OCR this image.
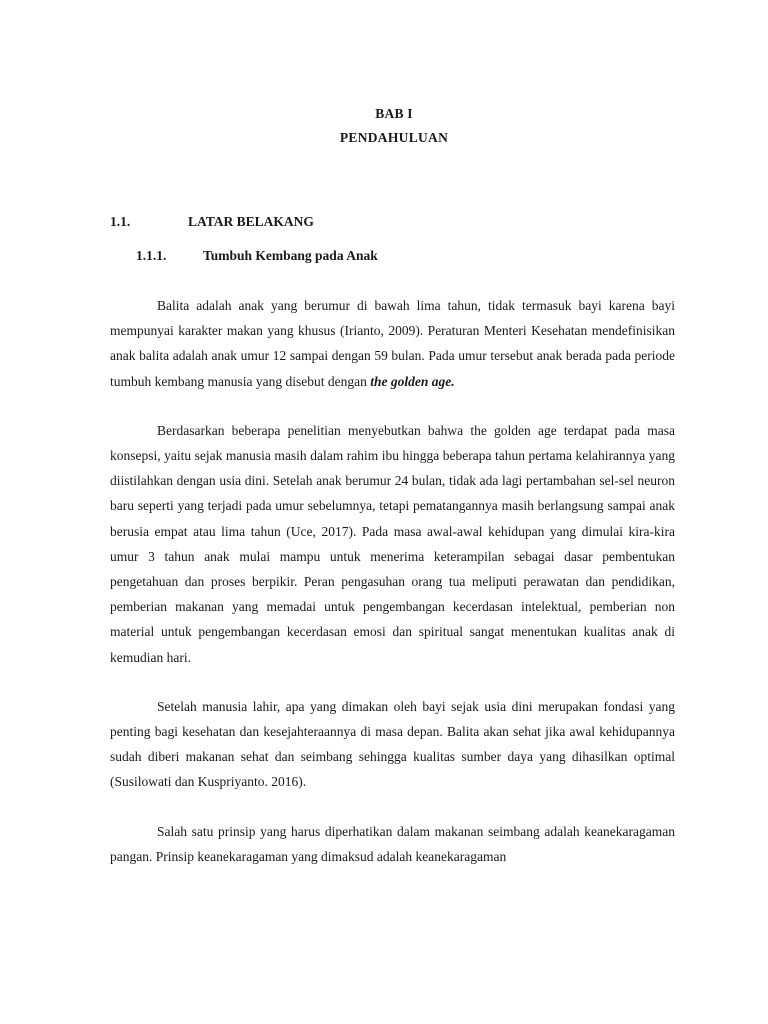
BAB I
PENDAHULUAN
1.1.	LATAR BELAKANG
1.1.1.	Tumbuh Kembang pada Anak

Balita adalah anak yang berumur di bawah lima tahun, tidak termasuk bayi karena bayi mempunyai karakter makan yang khusus (Irianto, 2009). Peraturan Menteri Kesehatan mendefinisikan anak balita adalah anak umur 12 sampai dengan 59 bulan. Pada umur tersebut anak berada pada periode tumbuh kembang manusia yang disebut dengan the golden age.

Berdasarkan beberapa penelitian menyebutkan bahwa the golden age terdapat pada masa konsepsi, yaitu sejak manusia masih dalam rahim ibu hingga beberapa tahun pertama kelahirannya yang diistilahkan dengan usia dini. Setelah anak berumur 24 bulan, tidak ada lagi pertambahan sel-sel neuron baru seperti yang terjadi pada umur sebelumnya, tetapi pematangannya masih berlangsung sampai anak berusia empat atau lima tahun (Uce, 2017). Pada masa awal-awal kehidupan yang dimulai kira-kira umur 3 tahun anak mulai mampu untuk menerima keterampilan sebagai dasar pembentukan pengetahuan dan proses berpikir. Peran pengasuhan orang tua meliputi perawatan dan pendidikan, pemberian makanan yang memadai untuk pengembangan kecerdasan intelektual, pemberian non material untuk pengembangan kecerdasan emosi dan spiritual sangat menentukan kualitas anak di kemudian hari.

Setelah manusia lahir, apa yang dimakan oleh bayi sejak usia dini merupakan fondasi yang penting bagi kesehatan dan kesejahteraannya di masa depan. Balita akan sehat jika awal kehidupannya sudah diberi makanan sehat dan seimbang sehingga kualitas sumber daya yang dihasilkan optimal (Susilowati dan Kuspriyanto. 2016).

Salah satu prinsip yang harus diperhatikan dalam makanan seimbang adalah keanekaragaman pangan. Prinsip keanekaragaman yang dimaksud adalah keanekaragaman
